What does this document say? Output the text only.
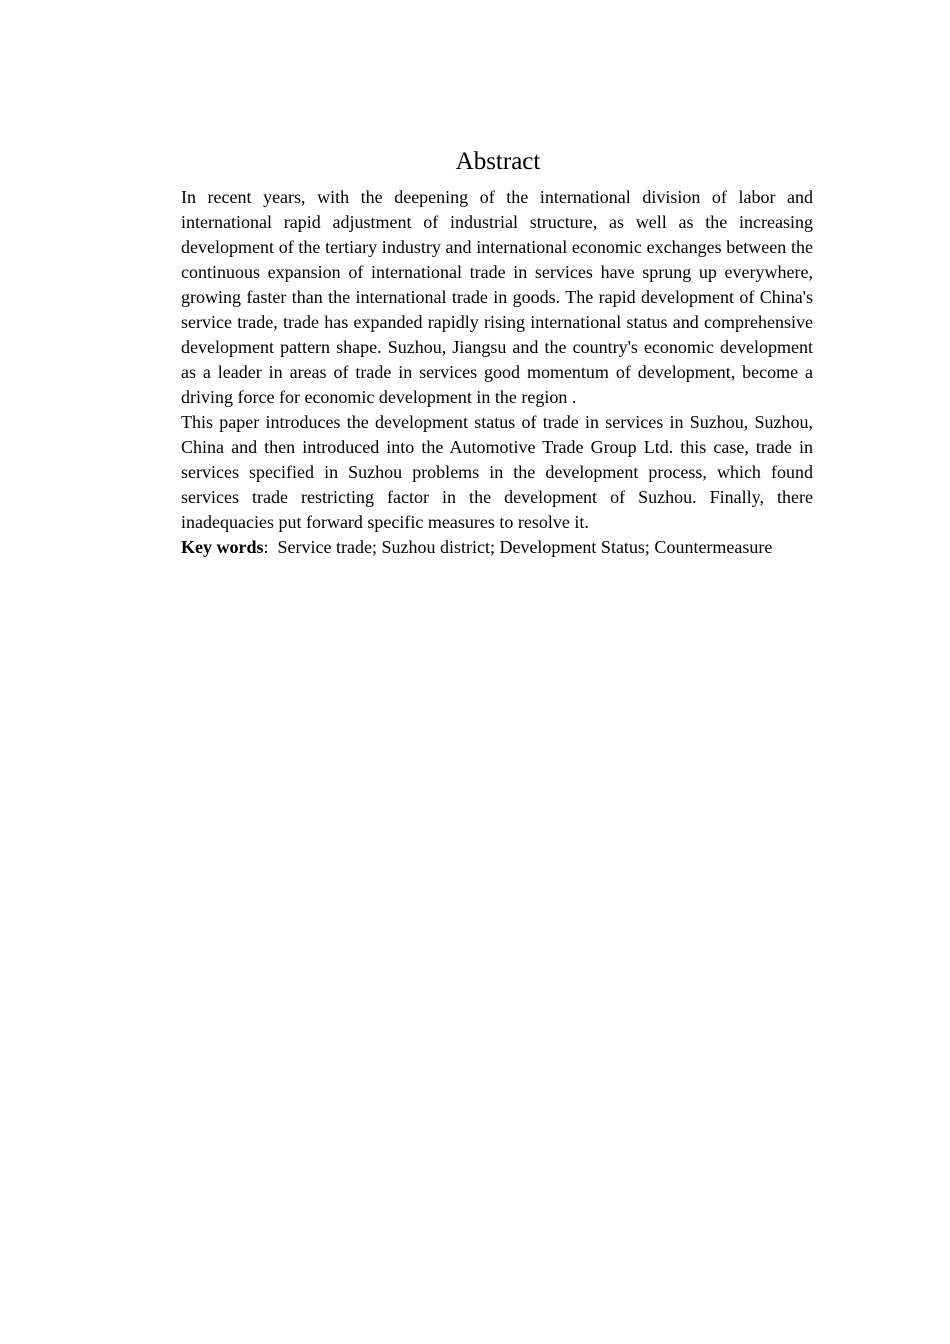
Abstract

In recent years, with the deepening of the international division of labor and international rapid adjustment of industrial structure, as well as the increasing development of the tertiary industry and international economic exchanges between the continuous expansion of international trade in services have sprung up everywhere, growing faster than the international trade in goods. The rapid development of China's service trade, trade has expanded rapidly rising international status and comprehensive development pattern shape. Suzhou, Jiangsu and the country's economic development as a leader in areas of trade in services good momentum of development, become a driving force for economic development in the region .

This paper introduces the development status of trade in services in Suzhou, Suzhou, China and then introduced into the Automotive Trade Group Ltd. this case, trade in services specified in Suzhou problems in the development process, which found services trade restricting factor in the development of Suzhou. Finally, there inadequacies put forward specific measures to resolve it.

Key words: Service trade; Suzhou district; Development Status; Countermeasure
